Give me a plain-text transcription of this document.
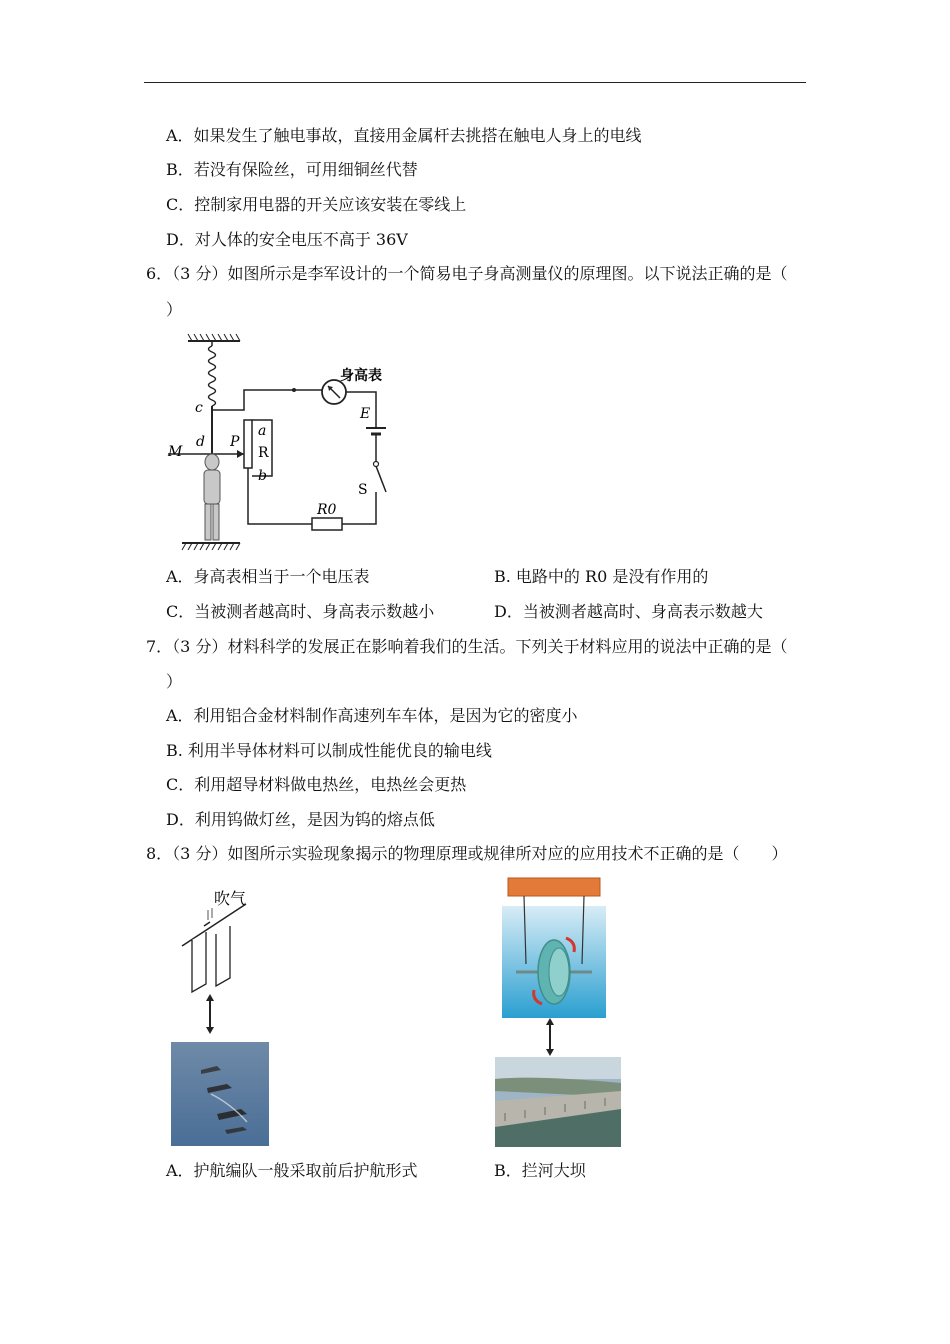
A．如果发生了触电事故，直接用金属杆去挑搭在触电人身上的电线
B．若没有保险丝，可用细铜丝代替
C．控制家用电器的开关应该安装在零线上
D．对人体的安全电压不高于 36V
6．（3 分）如图所示是李军设计的一个简易电子身高测量仪的原理图。以下说法正确的是（
）
c
d
身高表
E
S
R0
a
R
b
P
M
A．身高表相当于一个电压表	B. 电路中的 R0 是没有作用的
C．当被测者越高时、身高表示数越小	D．当被测者越高时、身高表示数越大
7．（3 分）材料科学的发展正在影响着我们的生活。下列关于材料应用的说法中正确的是（
）
A．利用铝合金材料制作高速列车车体，是因为它的密度小
B. 利用半导体材料可以制成性能优良的输电线
C．利用超导材料做电热丝，电热丝会更热
D．利用钨做灯丝，是因为钨的熔点低
8．（3 分）如图所示实验现象揭示的物理原理或规律所对应的应用技术不正确的是（　　）
吹气
A．护航编队一般采取前后护航形式	B．拦河大坝
